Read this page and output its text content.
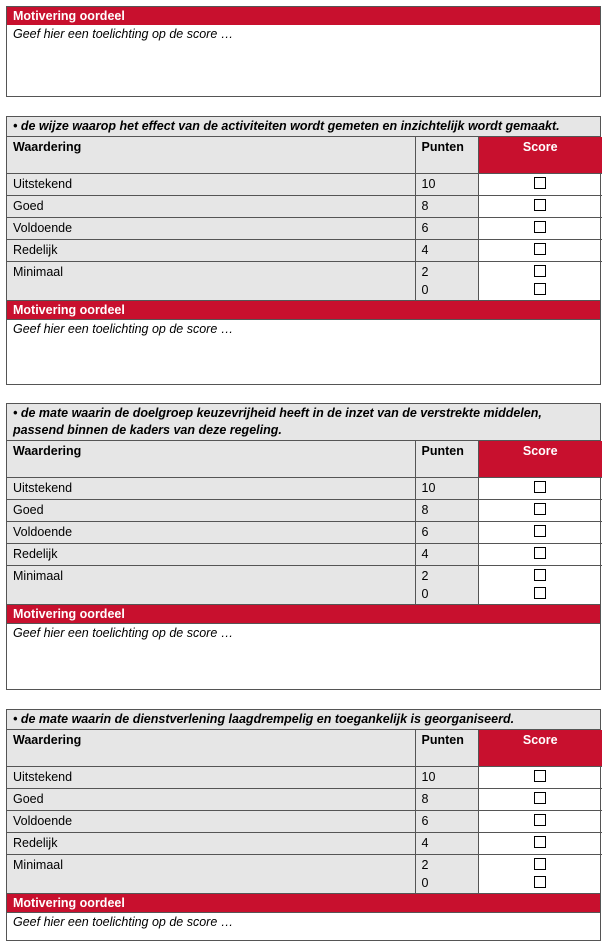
Motivering oordeel
Geef hier een toelichting op de score …
• de wijze waarop het effect van de activiteiten wordt gemeten en inzichtelijk wordt gemaakt.
Waardering	Punten	Score
Uitstekend	10	
Goed	8	
Voldoende	6	
Redelijk	4	
Minimaal	2
0	

Motivering oordeel
Geef hier een toelichting op de score …
• de mate waarin de doelgroep keuzevrijheid heeft in de inzet van de verstrekte middelen,
passend binnen de kaders van deze regeling.
Waardering	Punten	Score
Uitstekend	10	
Goed	8	
Voldoende	6	
Redelijk	4	
Minimaal	2
0	

Motivering oordeel
Geef hier een toelichting op de score …
• de mate waarin de dienstverlening laagdrempelig en toegankelijk is georganiseerd.
Waardering	Punten	Score
Uitstekend	10	
Goed	8	
Voldoende	6	
Redelijk	4	
Minimaal	2
0	

Motivering oordeel
Geef hier een toelichting op de score …
